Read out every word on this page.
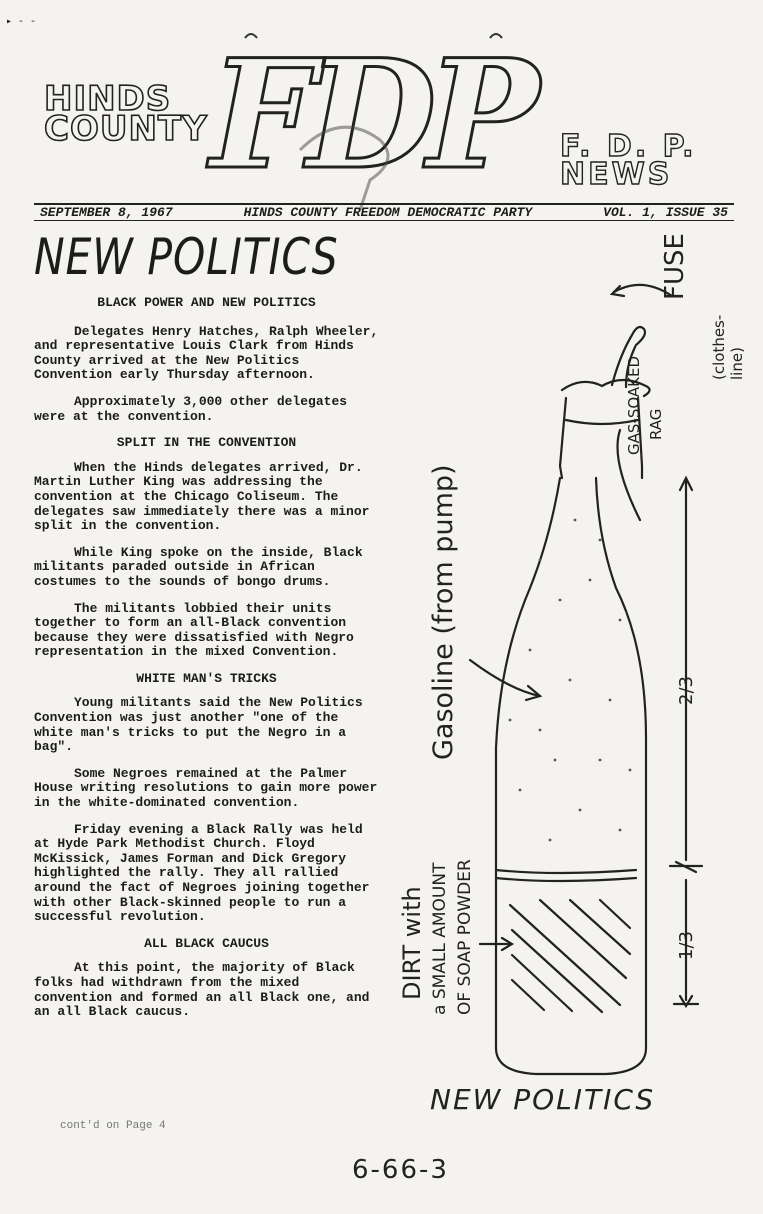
▸ - -
FDP
HINDS
COUNTY	F. D. P.
NEWS
SEPTEMBER 8, 1967	HINDS COUNTY FREEDOM DEMOCRATIC PARTY	VOL. 1, ISSUE 35
NEW POLITICS
BLACK POWER AND NEW POLITICS

Delegates Henry Hatches, Ralph Wheeler, and representative Louis Clark from Hinds County arrived at the New Politics Convention early Thursday afternoon.

Approximately 3,000 other delegates were at the convention.

SPLIT IN THE CONVENTION

When the Hinds delegates arrived, Dr. Martin Luther King was addressing the convention at the Chicago Coliseum. The delegates saw immediately there was a minor split in the convention.

While King spoke on the inside, Black militants paraded outside in African costumes to the sounds of bongo drums.

The militants lobbied their units together to form an all-Black convention because they were dissatisfied with Negro representation in the mixed Convention.

WHITE MAN'S TRICKS

Young militants said the New Politics Convention was just another "one of the white man's tricks to put the Negro in a bag".

Some Negroes remained at the Palmer House writing resolutions to gain more power in the white-dominated convention.

Friday evening a Black Rally was held at Hyde Park Methodist Church. Floyd McKissick, James Forman and Dick Gregory highlighted the rally. They all rallied around the fact of Negroes joining together with other Black-skinned people to run a successful revolution.

ALL BLACK CAUCUS

At this point, the majority of Black folks had withdrawn from the mixed convention and formed an all Black one, and an all Black caucus.

cont'd on Page 4
FUSE
(clothes-line)
GAS-SOAKED RAG
Gasoline (from pump)
DIRT with a SMALL AMOUNT OF SOAP POWDER
2/3
1/3
NEW POLITICS
6-66-3
